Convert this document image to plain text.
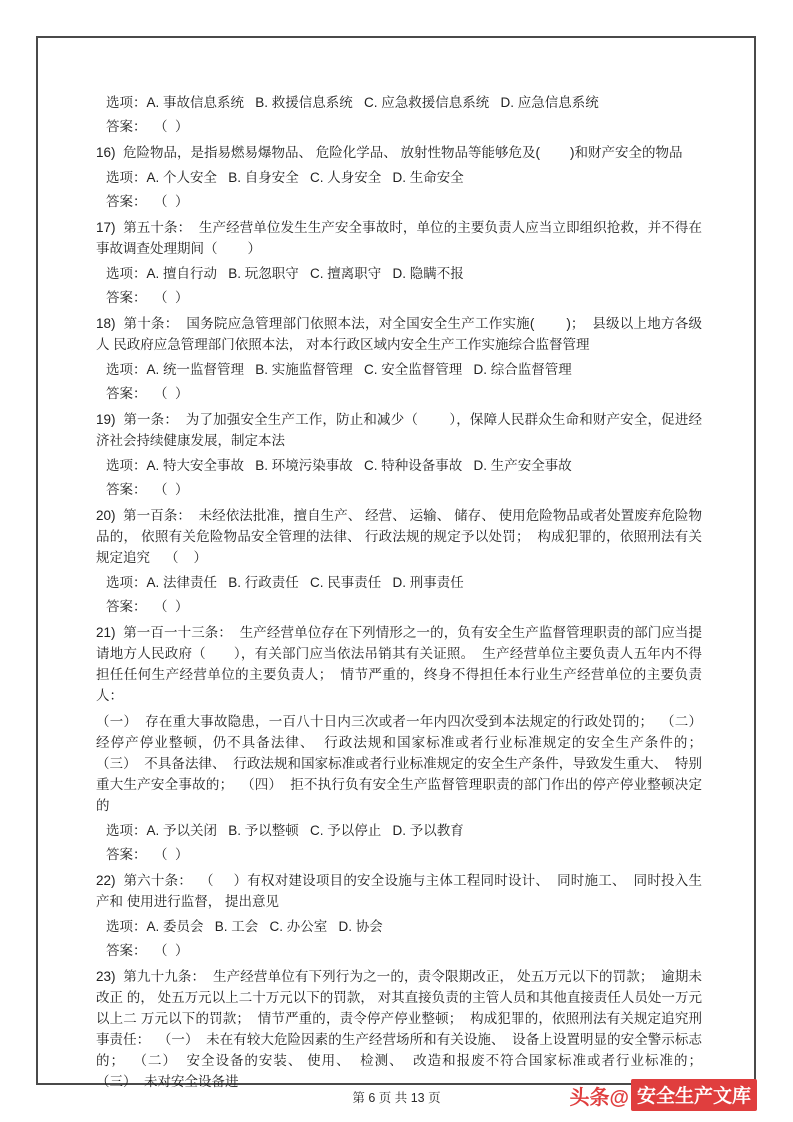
选项：A. 事故信息系统   B. 救援信息系统   C. 应急救援信息系统   D. 应急信息系统

答案：  （  ）

16)  危险物品，是指易燃易爆物品、 危险化学品、 放射性物品等能够危及(        )和财产安全的物品

选项：A. 个人安全   B. 自身安全   C. 人身安全   D. 生命安全

答案：  （  ）

17)  第五十条：  生产经营单位发生生产安全事故时，单位的主要负责人应当立即组织抢救，并不得在事故调查处理期间（        ）

选项：A. 擅自行动   B. 玩忽职守   C. 擅离职守   D. 隐瞒不报

答案：  （  ）

18)  第十条：  国务院应急管理部门依照本法，对全国安全生产工作实施(        )；  县级以上地方各级人 民政府应急管理部门依照本法， 对本行政区域内安全生产工作实施综合监督管理

选项：A. 统一监督管理   B. 实施监督管理   C. 安全监督管理   D. 综合监督管理

答案：  （  ）

19)  第一条：  为了加强安全生产工作，防止和减少（        ），保障人民群众生命和财产安全，促进经济社会持续健康发展，制定本法

选项：A. 特大安全事故   B. 环境污染事故   C. 特种设备事故   D. 生产安全事故

答案：  （  ）

20)  第一百条：  未经依法批准，擅自生产、 经营、 运输、 储存、 使用危险物品或者处置废弃危险物品的， 依照有关危险物品安全管理的法律、 行政法规的规定予以处罚；  构成犯罪的，依照刑法有关规定追究    （    ）

选项：A. 法律责任   B. 行政责任   C. 民事责任   D. 刑事责任

答案：  （  ）

21)  第一百一十三条：  生产经营单位存在下列情形之一的，负有安全生产监督管理职责的部门应当提请地方人民政府（       ），有关部门应当依法吊销其有关证照。  生产经营单位主要负责人五年内不得担任任何生产经营单位的主要负责人；  情节严重的，终身不得担任本行业生产经营单位的主要负责人：

（一）  存在重大事故隐患，一百八十日内三次或者一年内四次受到本法规定的行政处罚的；  （二）  经停产停业整顿，仍不具备法律、  行政法规和国家标准或者行业标准规定的安全生产条件的；  （三）  不具备法律、  行政法规和国家标准或者行业标准规定的安全生产条件，导致发生重大、  特别重大生产安全事故的；  （四）  拒不执行负有安全生产监督管理职责的部门作出的停产停业整顿决定的

选项：A. 予以关闭   B. 予以整顿   C. 予以停止   D. 予以教育

答案：  （  ）

22)  第六十条：  （     ）有权对建设项目的安全设施与主体工程同时设计、  同时施工、  同时投入生产和 使用进行监督， 提出意见

选项：A. 委员会   B. 工会   C. 办公室   D. 协会

答案：  （  ）

23)  第九十九条：  生产经营单位有下列行为之一的，责令限期改正， 处五万元以下的罚款；  逾期未改正 的， 处五万元以上二十万元以下的罚款， 对其直接负责的主管人员和其他直接责任人员处一万元以上二 万元以下的罚款；  情节严重的，责令停产停业整顿；  构成犯罪的，依照刑法有关规定追究刑事责任：  （一）  未在有较大危险因素的生产经营场所和有关设施、  设备上设置明显的安全警示标志的；  （二）  安全设备的安装、 使用、  检测、  改造和报废不符合国家标准或者行业标准的；  （三）  未对安全设备进

第 6 页 共 13 页	头条@ 安全生产文库
